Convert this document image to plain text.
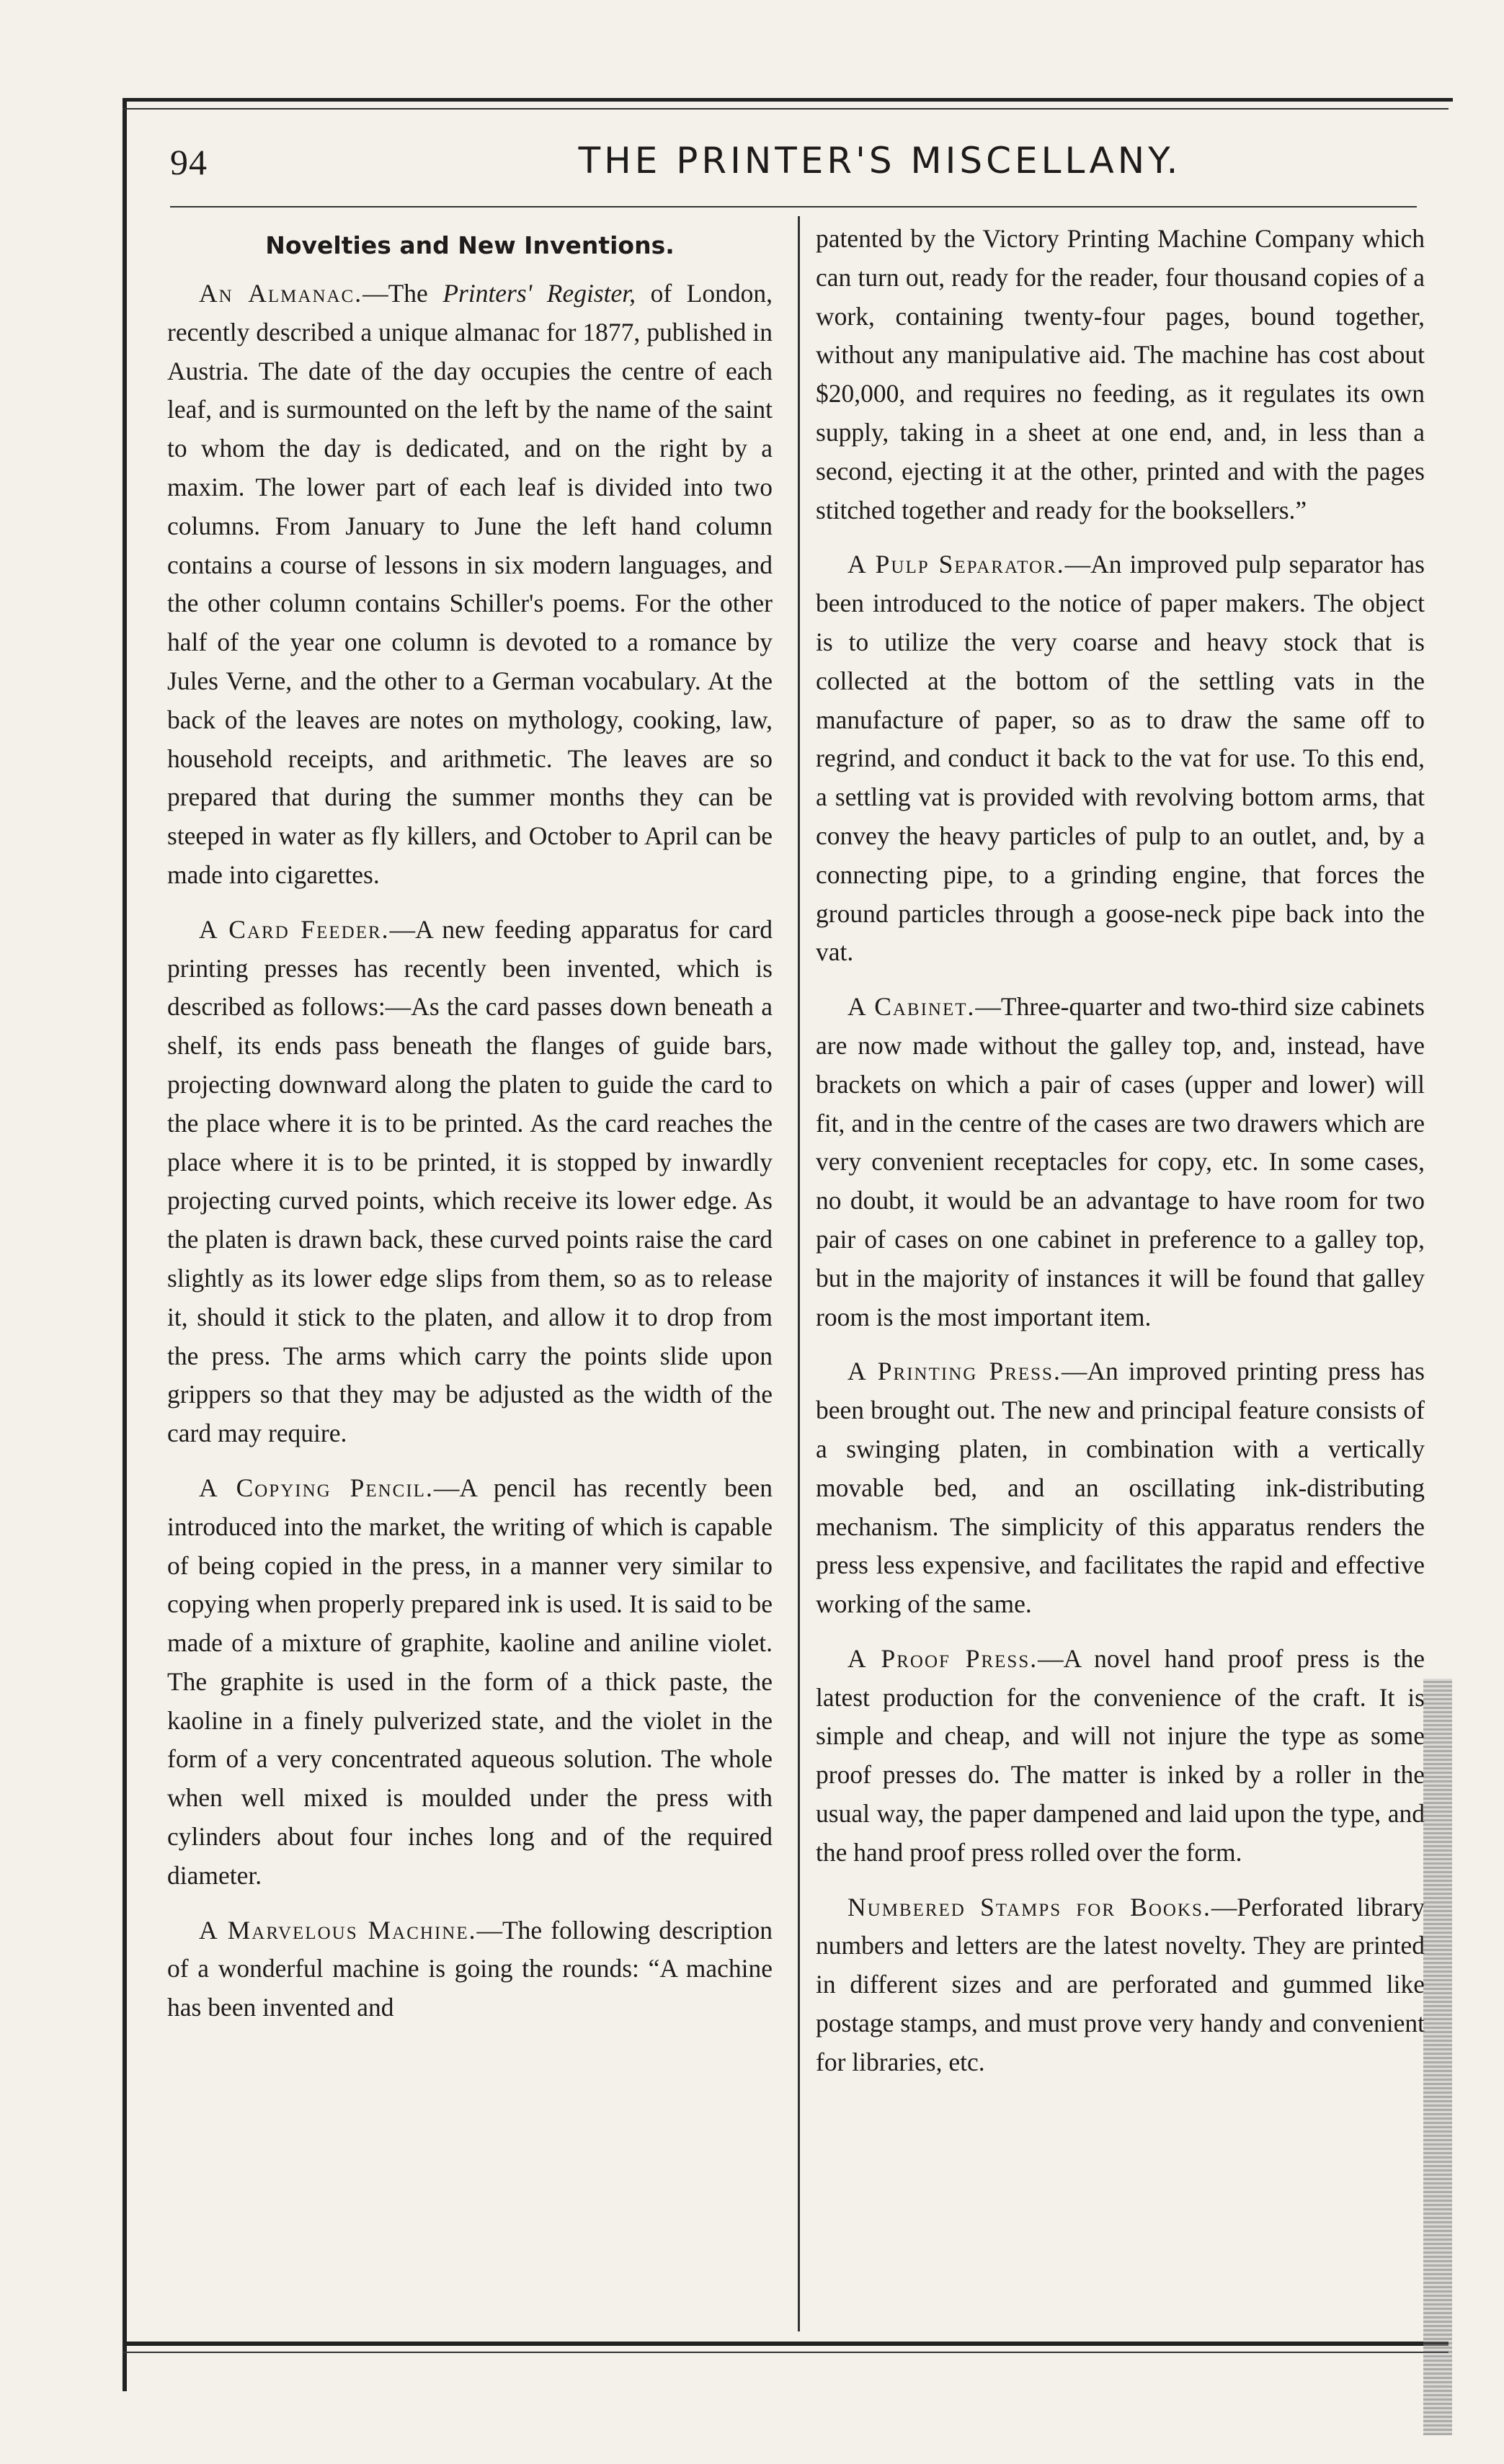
94	THE PRINTER'S MISCELLANY.
Novelties and New Inventions.

An Almanac.—The Printers' Register, of London, recently described a unique almanac for 1877, published in Austria. The date of the day occupies the centre of each leaf, and is surmounted on the left by the name of the saint to whom the day is dedicated, and on the right by a maxim. The lower part of each leaf is divided into two columns. From January to June the left hand column contains a course of lessons in six modern languages, and the other column contains Schiller's poems. For the other half of the year one column is devoted to a romance by Jules Verne, and the other to a German vocabulary. At the back of the leaves are notes on mythology, cooking, law, household receipts, and arithmetic. The leaves are so prepared that during the summer months they can be steeped in water as fly killers, and October to April can be made into cigarettes.

A Card Feeder.—A new feeding apparatus for card printing presses has recently been invented, which is described as follows:—As the card passes down beneath a shelf, its ends pass beneath the flanges of guide bars, projecting downward along the platen to guide the card to the place where it is to be printed. As the card reaches the place where it is to be printed, it is stopped by inwardly projecting curved points, which receive its lower edge. As the platen is drawn back, these curved points raise the card slightly as its lower edge slips from them, so as to release it, should it stick to the platen, and allow it to drop from the press. The arms which carry the points slide upon grippers so that they may be adjusted as the width of the card may require.

A Copying Pencil.—A pencil has recently been introduced into the market, the writing of which is capable of being copied in the press, in a manner very similar to copying when properly prepared ink is used. It is said to be made of a mixture of graphite, kaoline and aniline violet. The graphite is used in the form of a thick paste, the kaoline in a finely pulverized state, and the violet in the form of a very concentrated aqueous solution. The whole when well mixed is moulded under the press with cylinders about four inches long and of the required diameter.

A Marvelous Machine.—The following description of a wonderful machine is going the rounds: “A machine has been invented and

patented by the Victory Printing Machine Company which can turn out, ready for the reader, four thousand copies of a work, containing twenty-four pages, bound together, without any manipulative aid. The machine has cost about $20,000, and requires no feeding, as it regulates its own supply, taking in a sheet at one end, and, in less than a second, ejecting it at the other, printed and with the pages stitched together and ready for the booksellers.”

A Pulp Separator.—An improved pulp separator has been introduced to the notice of paper makers. The object is to utilize the very coarse and heavy stock that is collected at the bottom of the settling vats in the manufacture of paper, so as to draw the same off to regrind, and conduct it back to the vat for use. To this end, a settling vat is provided with revolving bottom arms, that convey the heavy particles of pulp to an outlet, and, by a connecting pipe, to a grinding engine, that forces the ground particles through a goose-neck pipe back into the vat.

A Cabinet.—Three-quarter and two-third size cabinets are now made without the galley top, and, instead, have brackets on which a pair of cases (upper and lower) will fit, and in the centre of the cases are two drawers which are very convenient receptacles for copy, etc. In some cases, no doubt, it would be an advantage to have room for two pair of cases on one cabinet in preference to a galley top, but in the majority of instances it will be found that galley room is the most important item.

A Printing Press.—An improved printing press has been brought out. The new and principal feature consists of a swinging platen, in combination with a vertically movable bed, and an oscillating ink-distributing mechanism. The simplicity of this apparatus renders the press less expensive, and facilitates the rapid and effective working of the same.

A Proof Press.—A novel hand proof press is the latest production for the convenience of the craft. It is simple and cheap, and will not injure the type as some proof presses do. The matter is inked by a roller in the usual way, the paper dampened and laid upon the type, and the hand proof press rolled over the form.

Numbered Stamps for Books.—Perforated library numbers and letters are the latest novelty. They are printed in different sizes and are perforated and gummed like postage stamps, and must prove very handy and convenient for libraries, etc.
